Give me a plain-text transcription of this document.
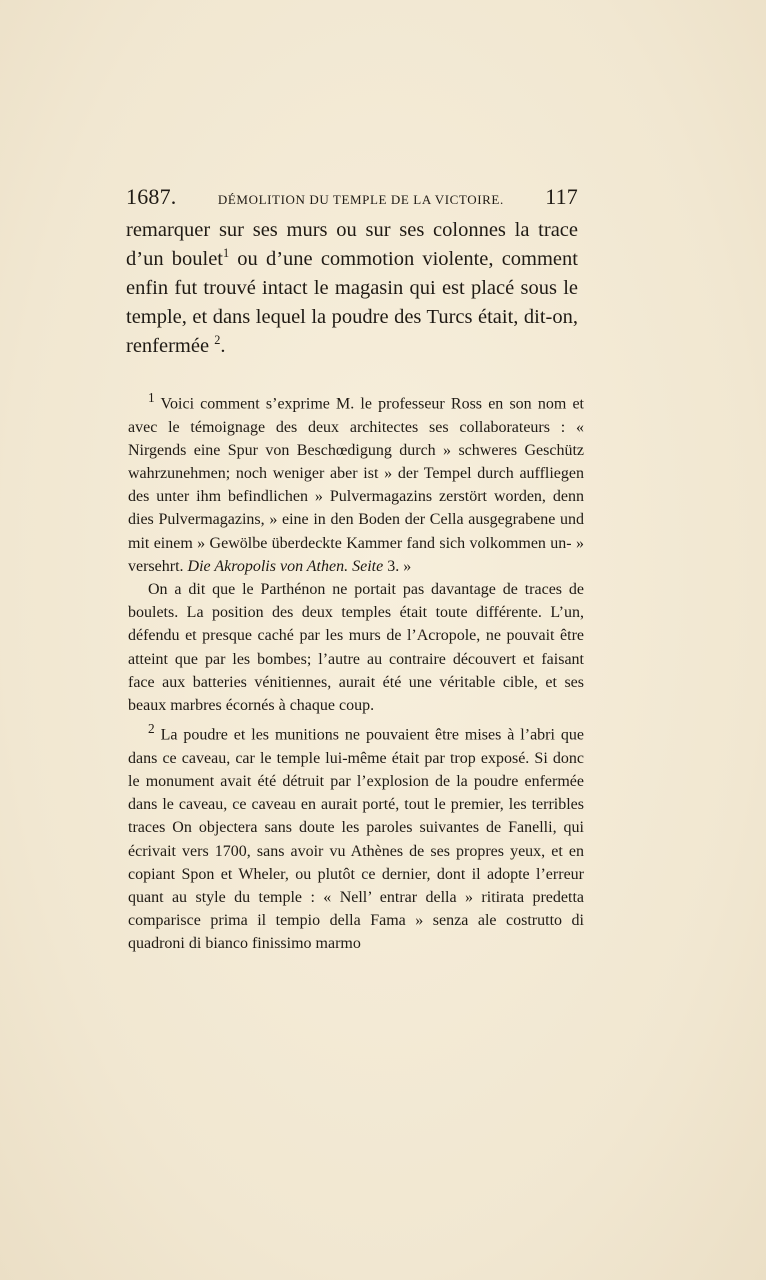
1687.	DÉMOLITION DU TEMPLE DE LA VICTOIRE. 117

remarquer sur ses murs ou sur ses colonnes la trace d’un boulet$^1$ ou d’une commotion violente, comment enfin fut trouvé intact le magasin qui est placé sous le temple, et dans lequel la poudre des Turcs était, dit-on, renfermée $^2$.

$^1$ Voici comment s’exprime M. le professeur Ross en son nom et avec le témoignage des deux architectes ses collaborateurs : « Nirgends eine Spur von Beschœdigung durch » schweres Geschütz wahrzunehmen; noch weniger aber ist » der Tempel durch auffliegen des unter ihm befindlichen » Pulvermagazins zerstört worden, denn dies Pulvermagazins, » eine in den Boden der Cella ausgegrabene und mit einem » Gewölbe überdeckte Kammer fand sich volkommen un- » versehrt. Die Akropolis von Athen. Seite 3. »

On a dit que le Parthénon ne portait pas davantage de traces de boulets. La position des deux temples était toute différente. L’un, défendu et presque caché par les murs de l’Acropole, ne pouvait être atteint que par les bombes; l’autre au contraire découvert et faisant face aux batteries vénitiennes, aurait été une véritable cible, et ses beaux marbres écornés à chaque coup.

$^2$ La poudre et les munitions ne pouvaient être mises à l’abri que dans ce caveau, car le temple lui-même était par trop exposé. Si donc le monument avait été détruit par l’explosion de la poudre enfermée dans le caveau, ce caveau en aurait porté, tout le premier, les terribles traces On objectera sans doute les paroles suivantes de Fanelli, qui écrivait vers 1700, sans avoir vu Athènes de ses propres yeux, et en copiant Spon et Wheler, ou plutôt ce dernier, dont il adopte l’erreur quant au style du temple : « Nell’ entrar della » ritirata predetta comparisce prima il tempio della Fama » senza ale costrutto di quadroni di bianco finissimo marmo
